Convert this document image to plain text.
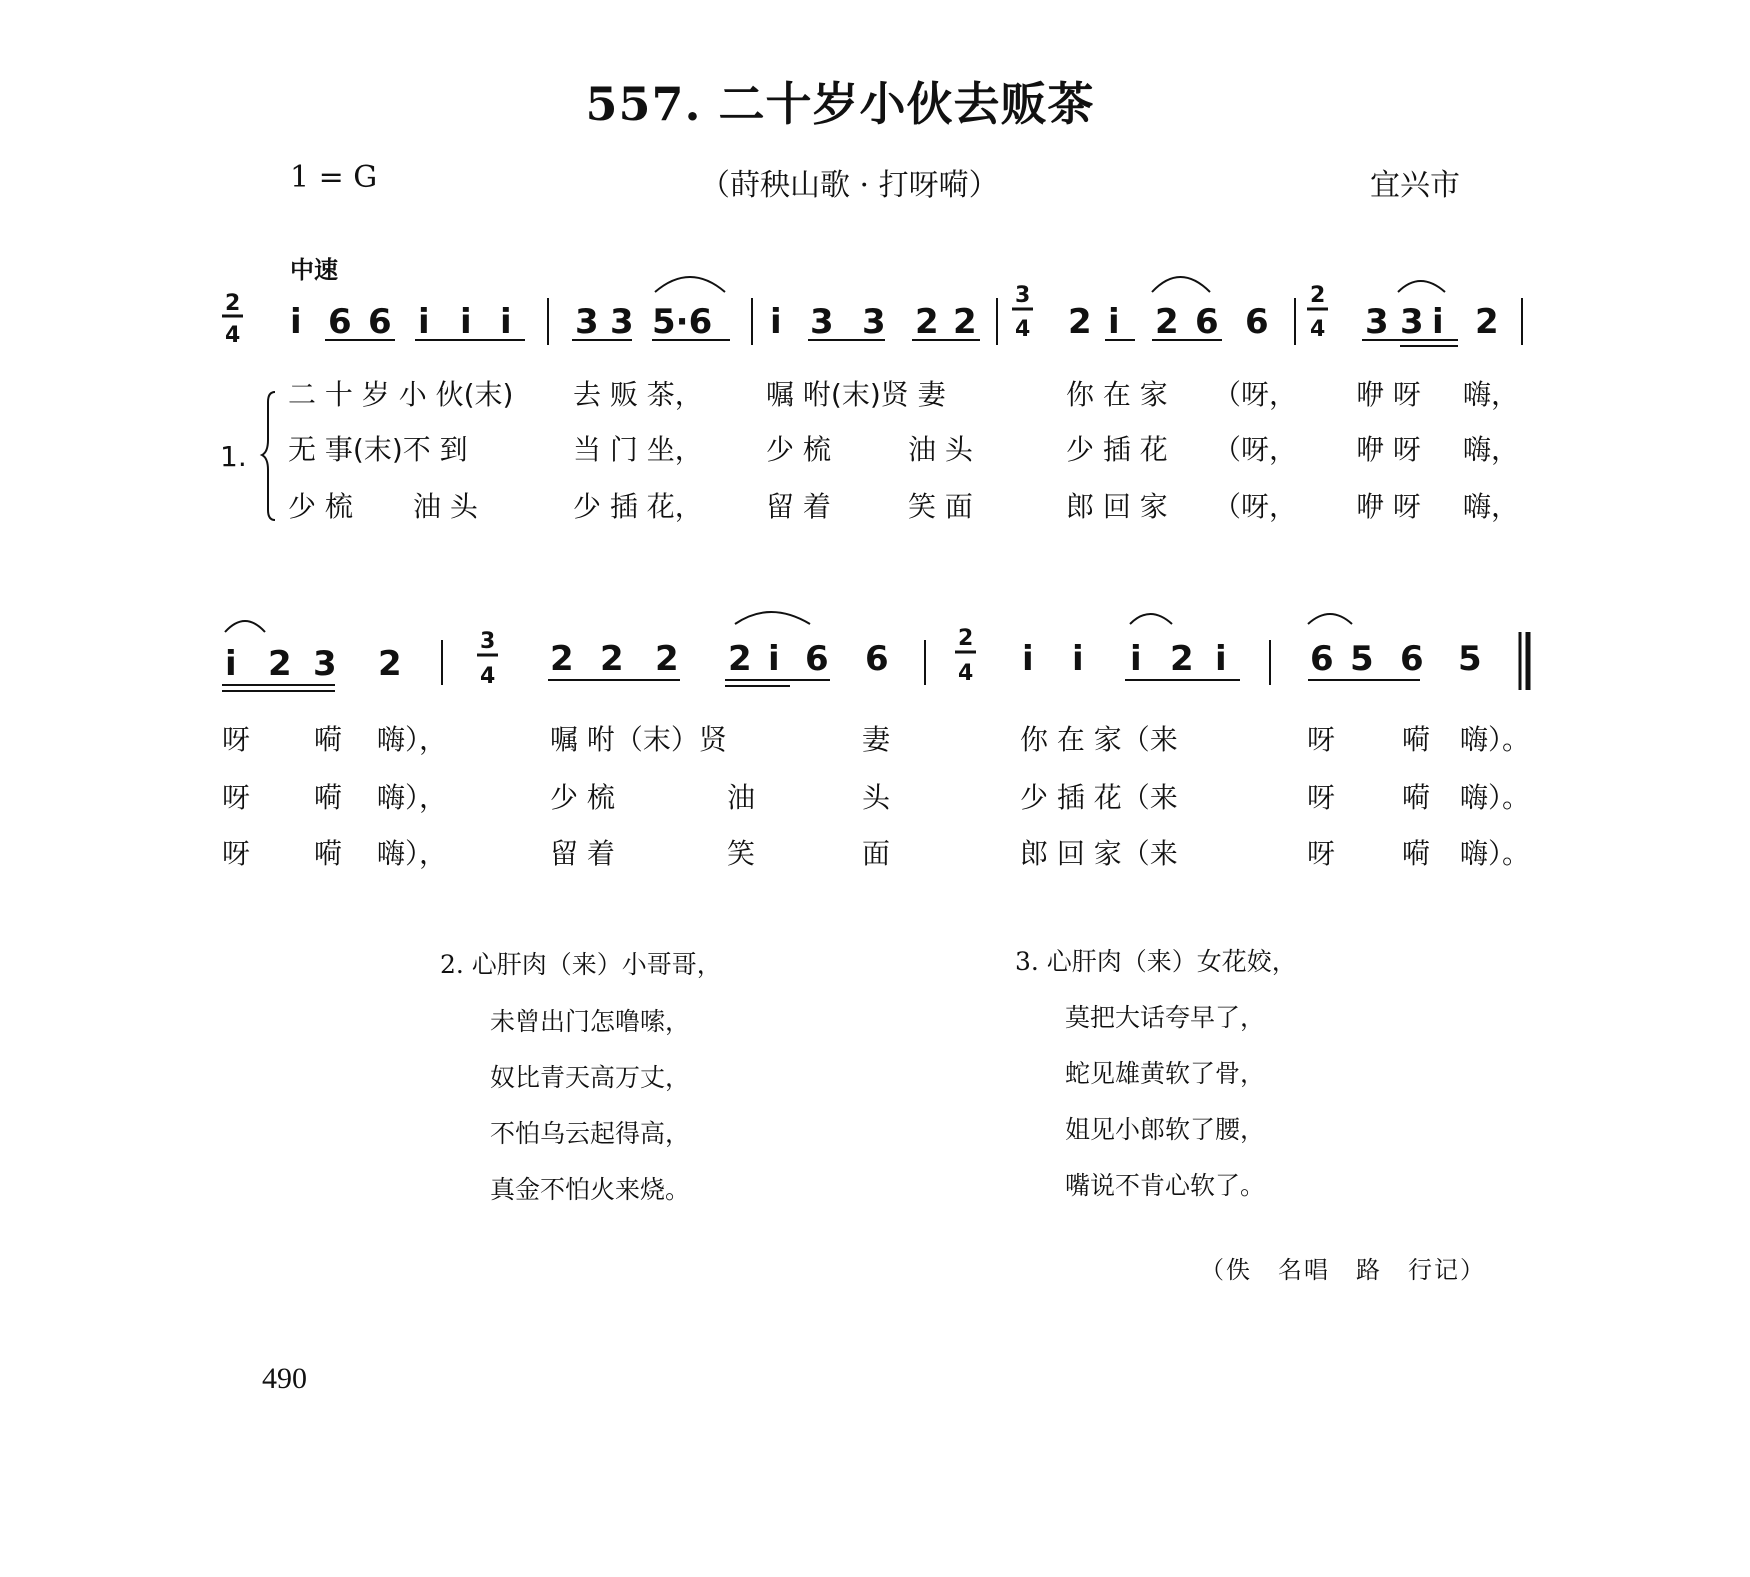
557. 二十岁小伙去贩茶
1 = G	（莳秧山歌 · 打呀嗬）	宜兴市
中速
2
4 i 6 6 i i i 3 3 5·6 i 3 3 2 2	2 i 2 6 6	3 3 i 2
3
4
2
4
i 2 3 2	2 2 2 2 i 6 6	i i i 2 i 6 5 6 5
3
4
2
4
1.
二 十 岁 小 伙(末) 去 贩 茶， 嘱 咐(末)贤 妻	你 在 家 （呀， 咿 呀 嗨，
无 事(末)不 到	当 门 坐， 少 梳	油 头	少 插 花 （呀， 咿 呀 嗨，
少 梳 油 头	少 插 花， 留 着	笑 面	郎 回 家 （呀， 咿 呀 嗨，
呀 嗬 嗨），	嘱 咐（末）贤	妻	你 在 家（来	呀 嗬 嗨）。
呀 嗬 嗨），	少 梳	油	头	少 插 花（来	呀 嗬 嗨）。
呀 嗬 嗨），	留 着	笑	面	郎 回 家（来	呀 嗬 嗨）。
2. 心肝肉（来）小哥哥，
未曾出门怎噜嗦，
奴比青天高万丈，
不怕乌云起得高，
真金不怕火来烧。
3. 心肝肉（来）女花姣，
莫把大话夸早了，
蛇见雄黄软了骨，
姐见小郎软了腰，
嘴说不肯心软了。
（佚　名唱　路　行记）
490
